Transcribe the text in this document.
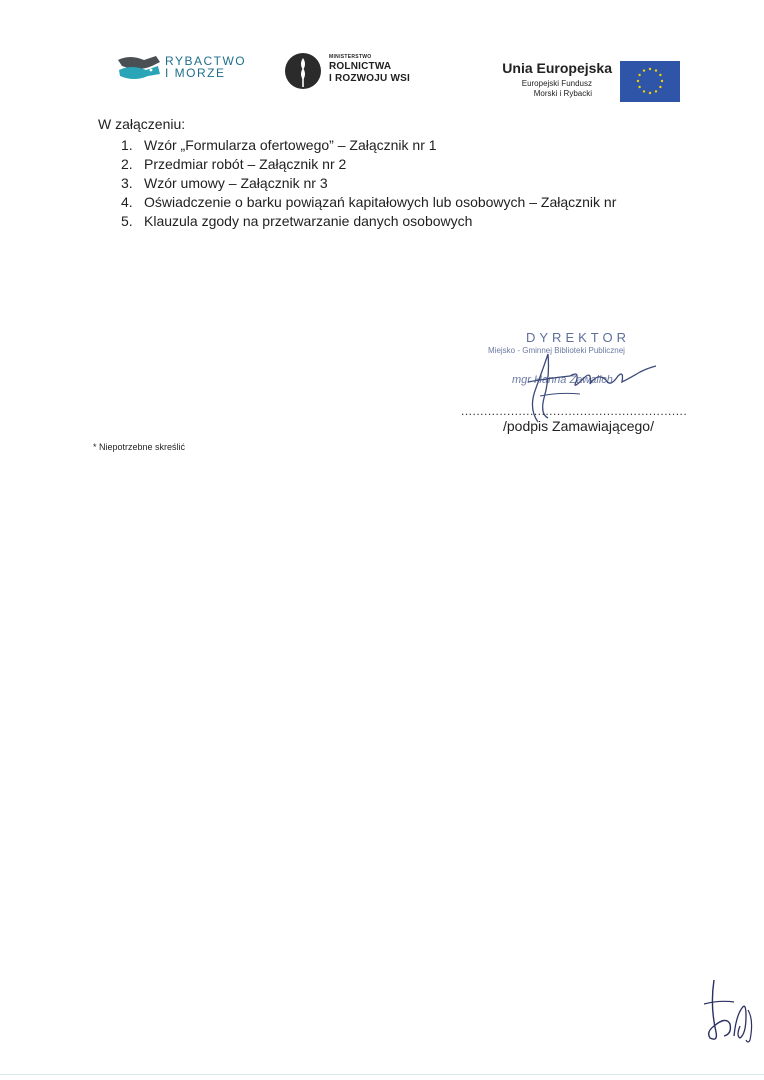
RYBACTWO
I MORZE
MINISTERSTWO
ROLNICTWA
I ROZWOJU WSI
Unia Europejska
Europejski Fundusz
Morski i Rybacki
W załączeniu:
1. Wzór „Formularza ofertowego” – Załącznik nr 1
2. Przedmiar robót – Załącznik nr 2
3. Wzór umowy – Załącznik nr 3
4. Oświadczenie o barku powiązań kapitałowych lub osobowych – Załącznik nr
5. Klauzula zgody na przetwarzanie danych osobowych
DYREKTOR
Miejsko - Gminnej Biblioteki Publicznej
mgr Hanna Zawalich
...........................................................
/podpis Zamawiającego/
* Niepotrzebne skreślić
